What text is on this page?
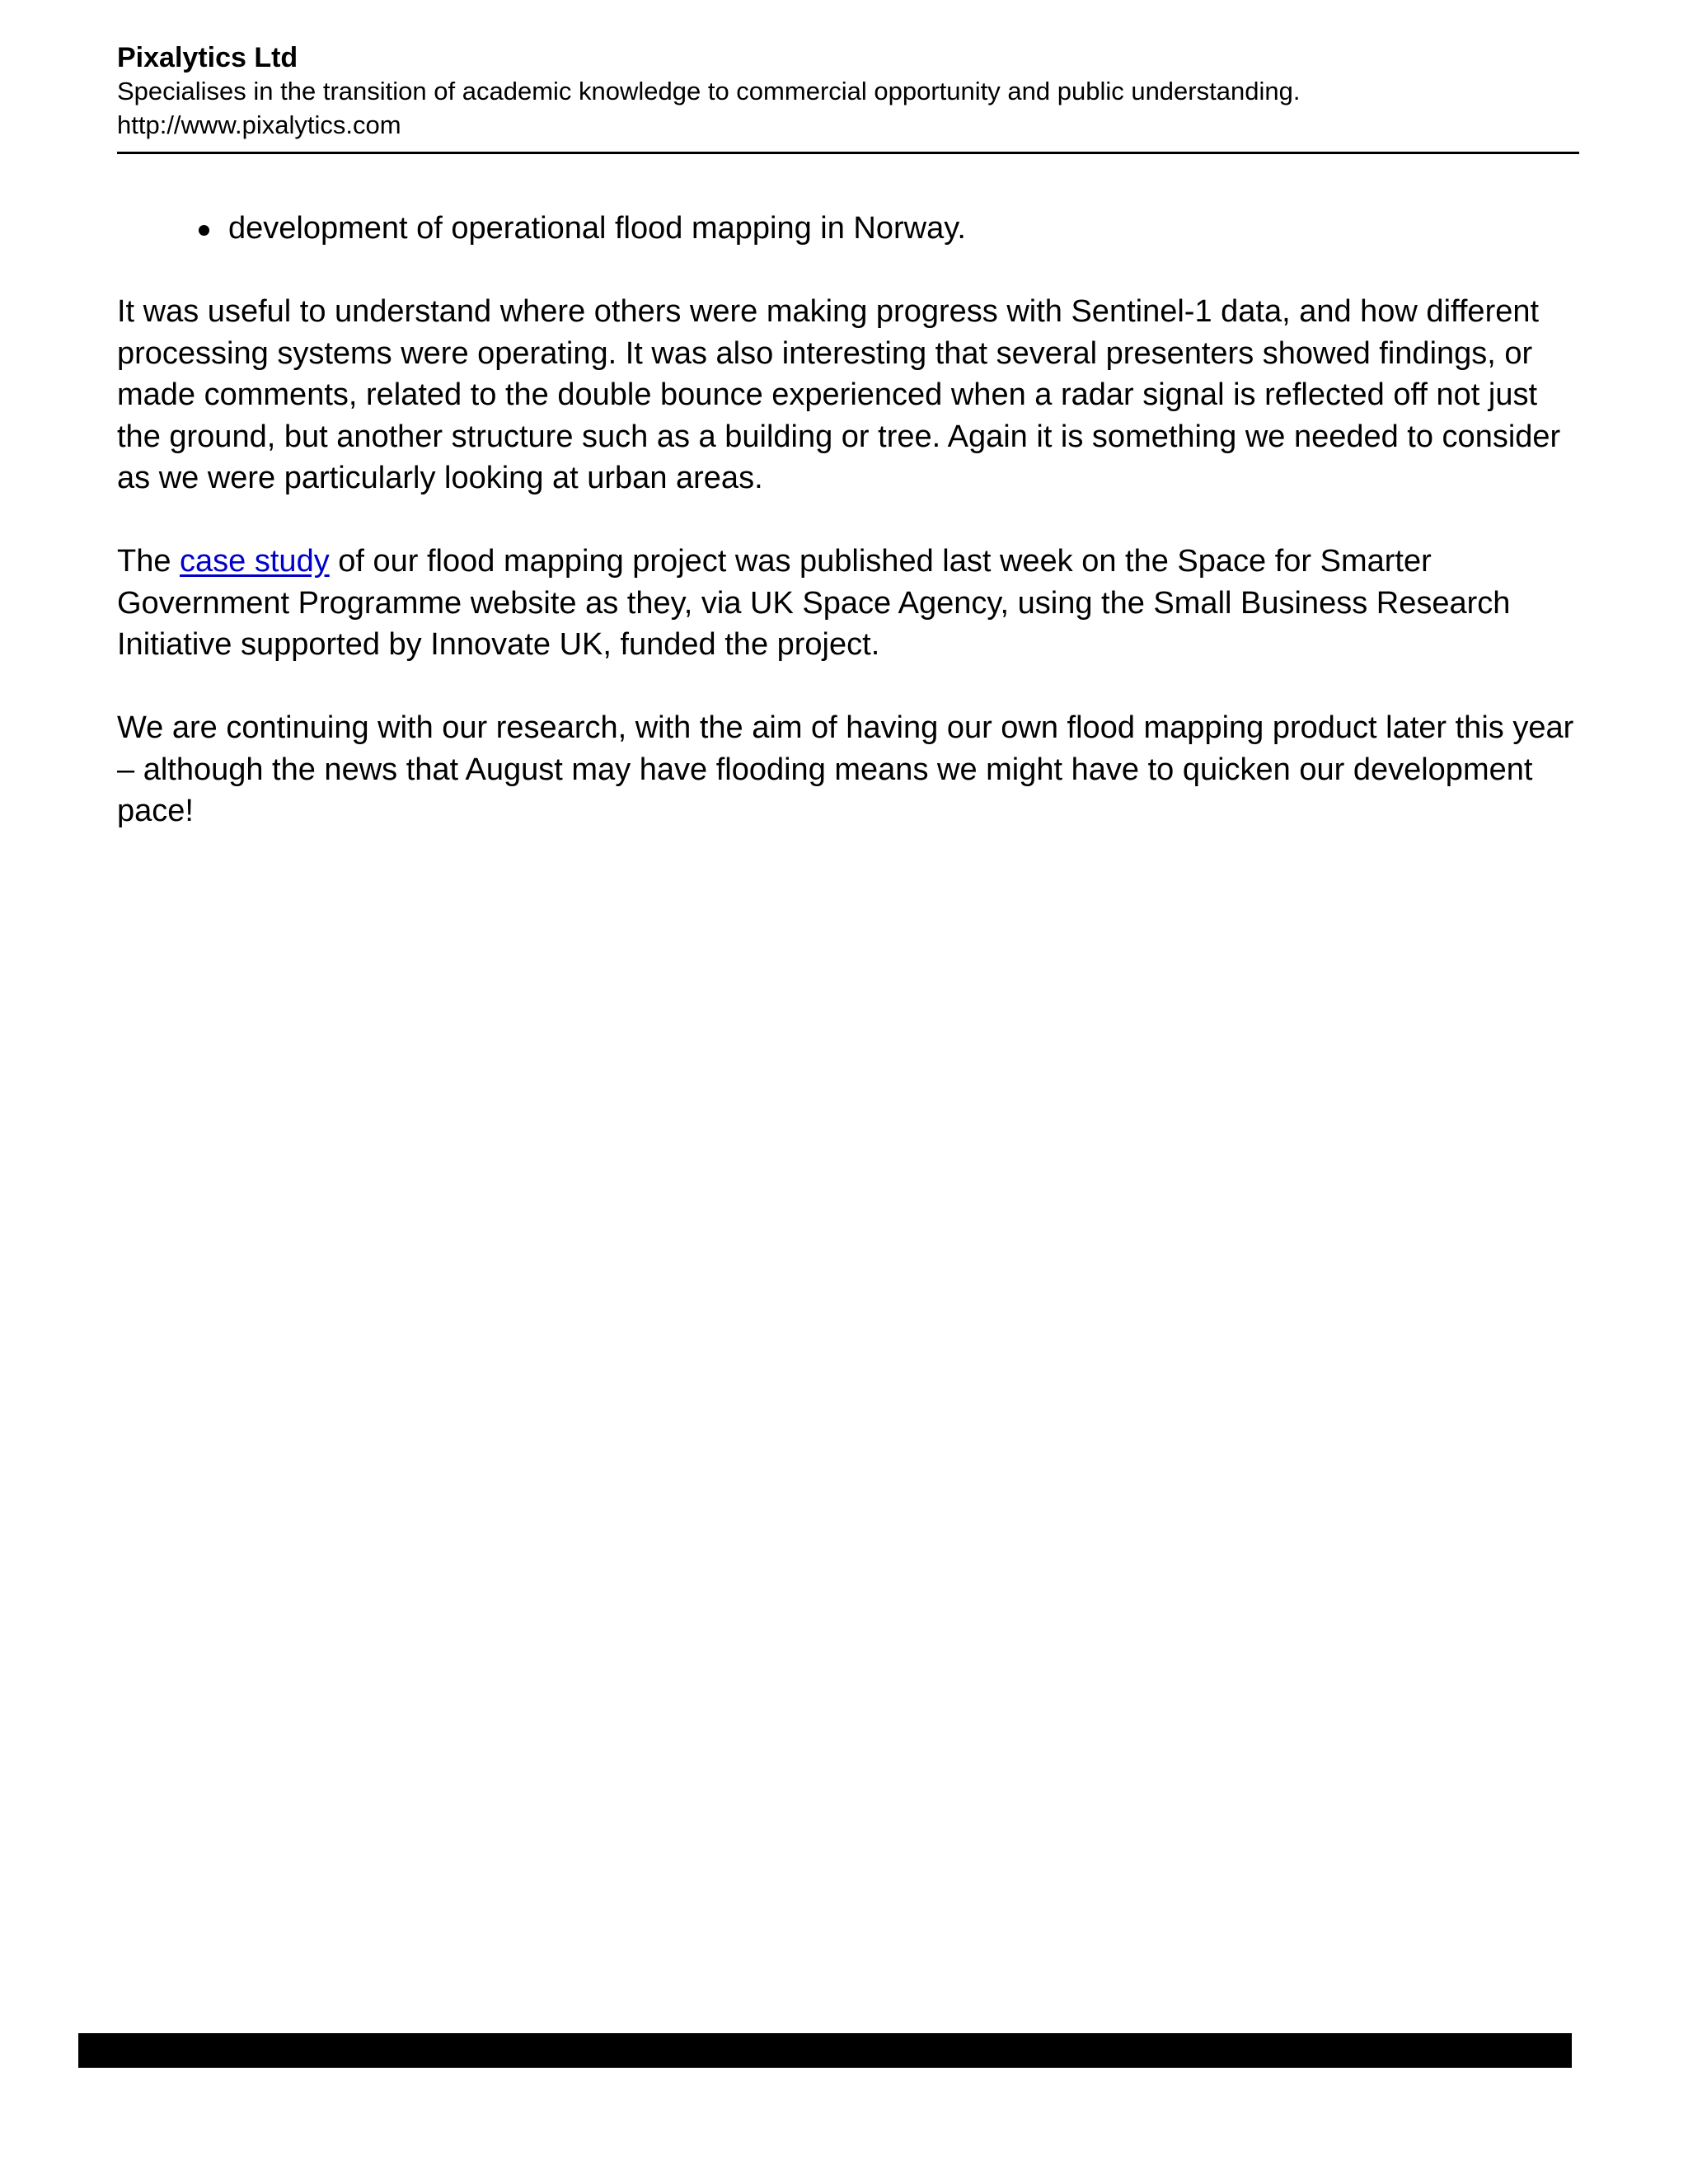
Pixalytics Ltd

Specialises in the transition of academic knowledge to commercial opportunity and public understanding.

http://www.pixalytics.com

development of operational flood mapping in Norway.

It was useful to understand where others were making progress with Sentinel-1 data, and how different processing systems were operating. It was also interesting that several presenters showed findings, or made comments, related to the double bounce experienced when a radar signal is reflected off not just the ground, but another structure such as a building or tree. Again it is something we needed to consider as we were particularly looking at urban areas.

The case study of our flood mapping project was published last week on the Space for Smarter Government Programme website as they, via UK Space Agency, using the Small Business Research Initiative supported by Innovate UK, funded the project.

We are continuing with our research, with the aim of having our own flood mapping product later this year – although the news that August may have flooding means we might have to quicken our development pace!
